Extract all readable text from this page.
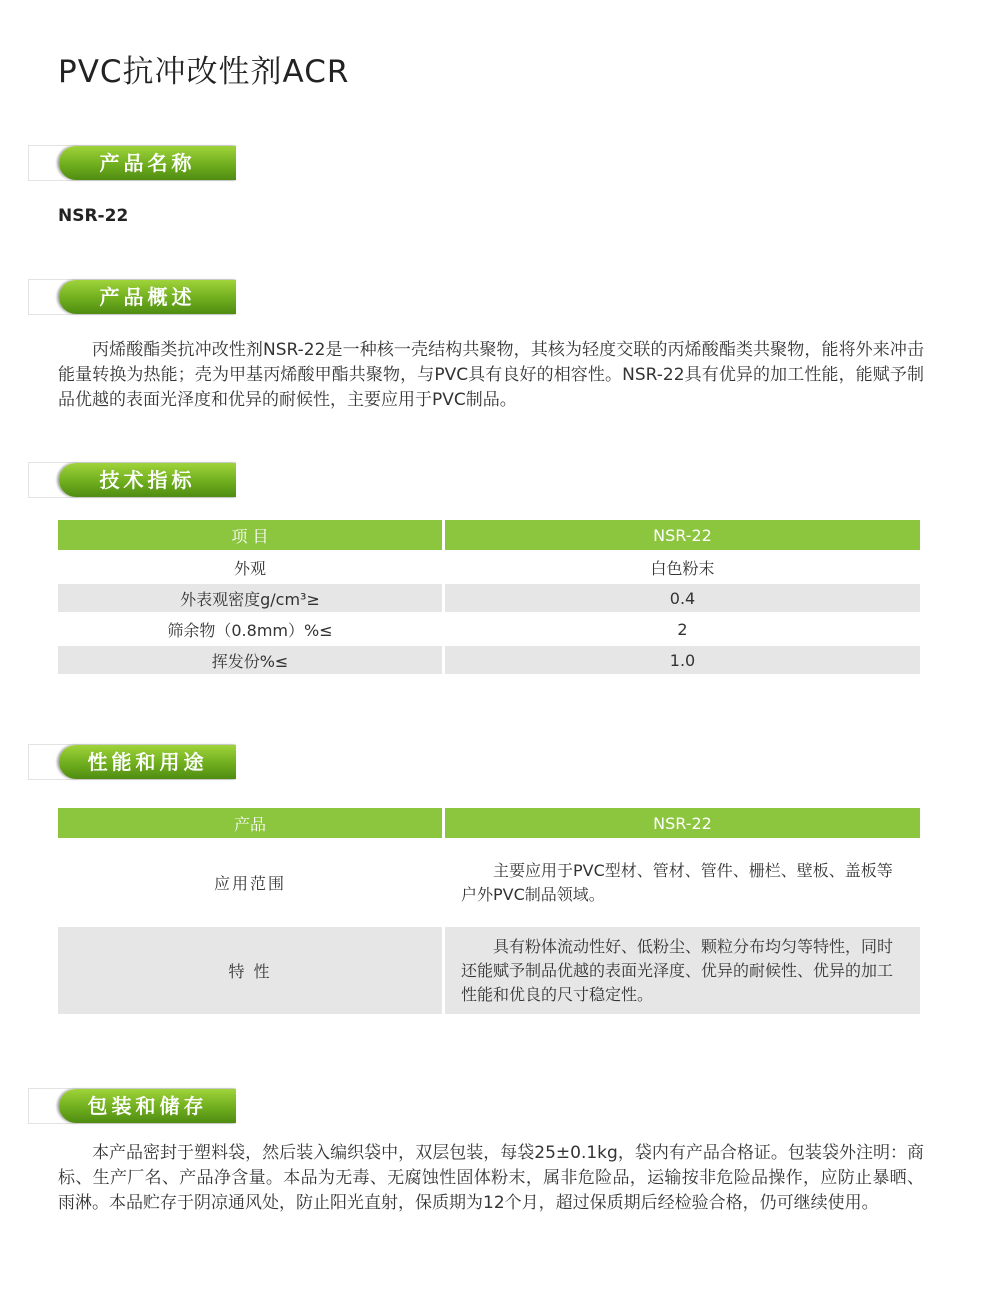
PVC抗冲改性剂ACR
产品名称
NSR-22
产品概述

丙烯酸酯类抗冲改性剂NSR-22是一种核一壳结构共聚物，其核为轻度交联的丙烯酸酯类共聚物，能将外来冲击能量转换为热能；壳为甲基丙烯酸甲酯共聚物，与PVC具有良好的相容性。NSR-22具有优异的加工性能，能赋予制品优越的表面光泽度和优异的耐候性，主要应用于PVC制品。

技术指标
项 目	NSR-22
外观	白色粉末
外表观密度g/cm³≥	0.4
筛余物（0.8mm）%≤	2
挥发份%≤	1.0
性能和用途
产品	NSR-22
应用范围	主要应用于PVC型材、管材、管件、栅栏、壁板、盖板等户外PVC制品领域。
特 性	具有粉体流动性好、低粉尘、颗粒分布均匀等特性，同时还能赋予制品优越的表面光泽度、优异的耐候性、优异的加工性能和优良的尺寸稳定性。
包装和储存

本产品密封于塑料袋，然后装入编织袋中，双层包装，每袋25±0.1kg，袋内有产品合格证。包装袋外注明：商标、生产厂名、产品净含量。本品为无毒、无腐蚀性固体粉末，属非危险品，运输按非危险品操作，应防止暴晒、雨淋。本品贮存于阴凉通风处，防止阳光直射，保质期为12个月，超过保质期后经检验合格，仍可继续使用。
